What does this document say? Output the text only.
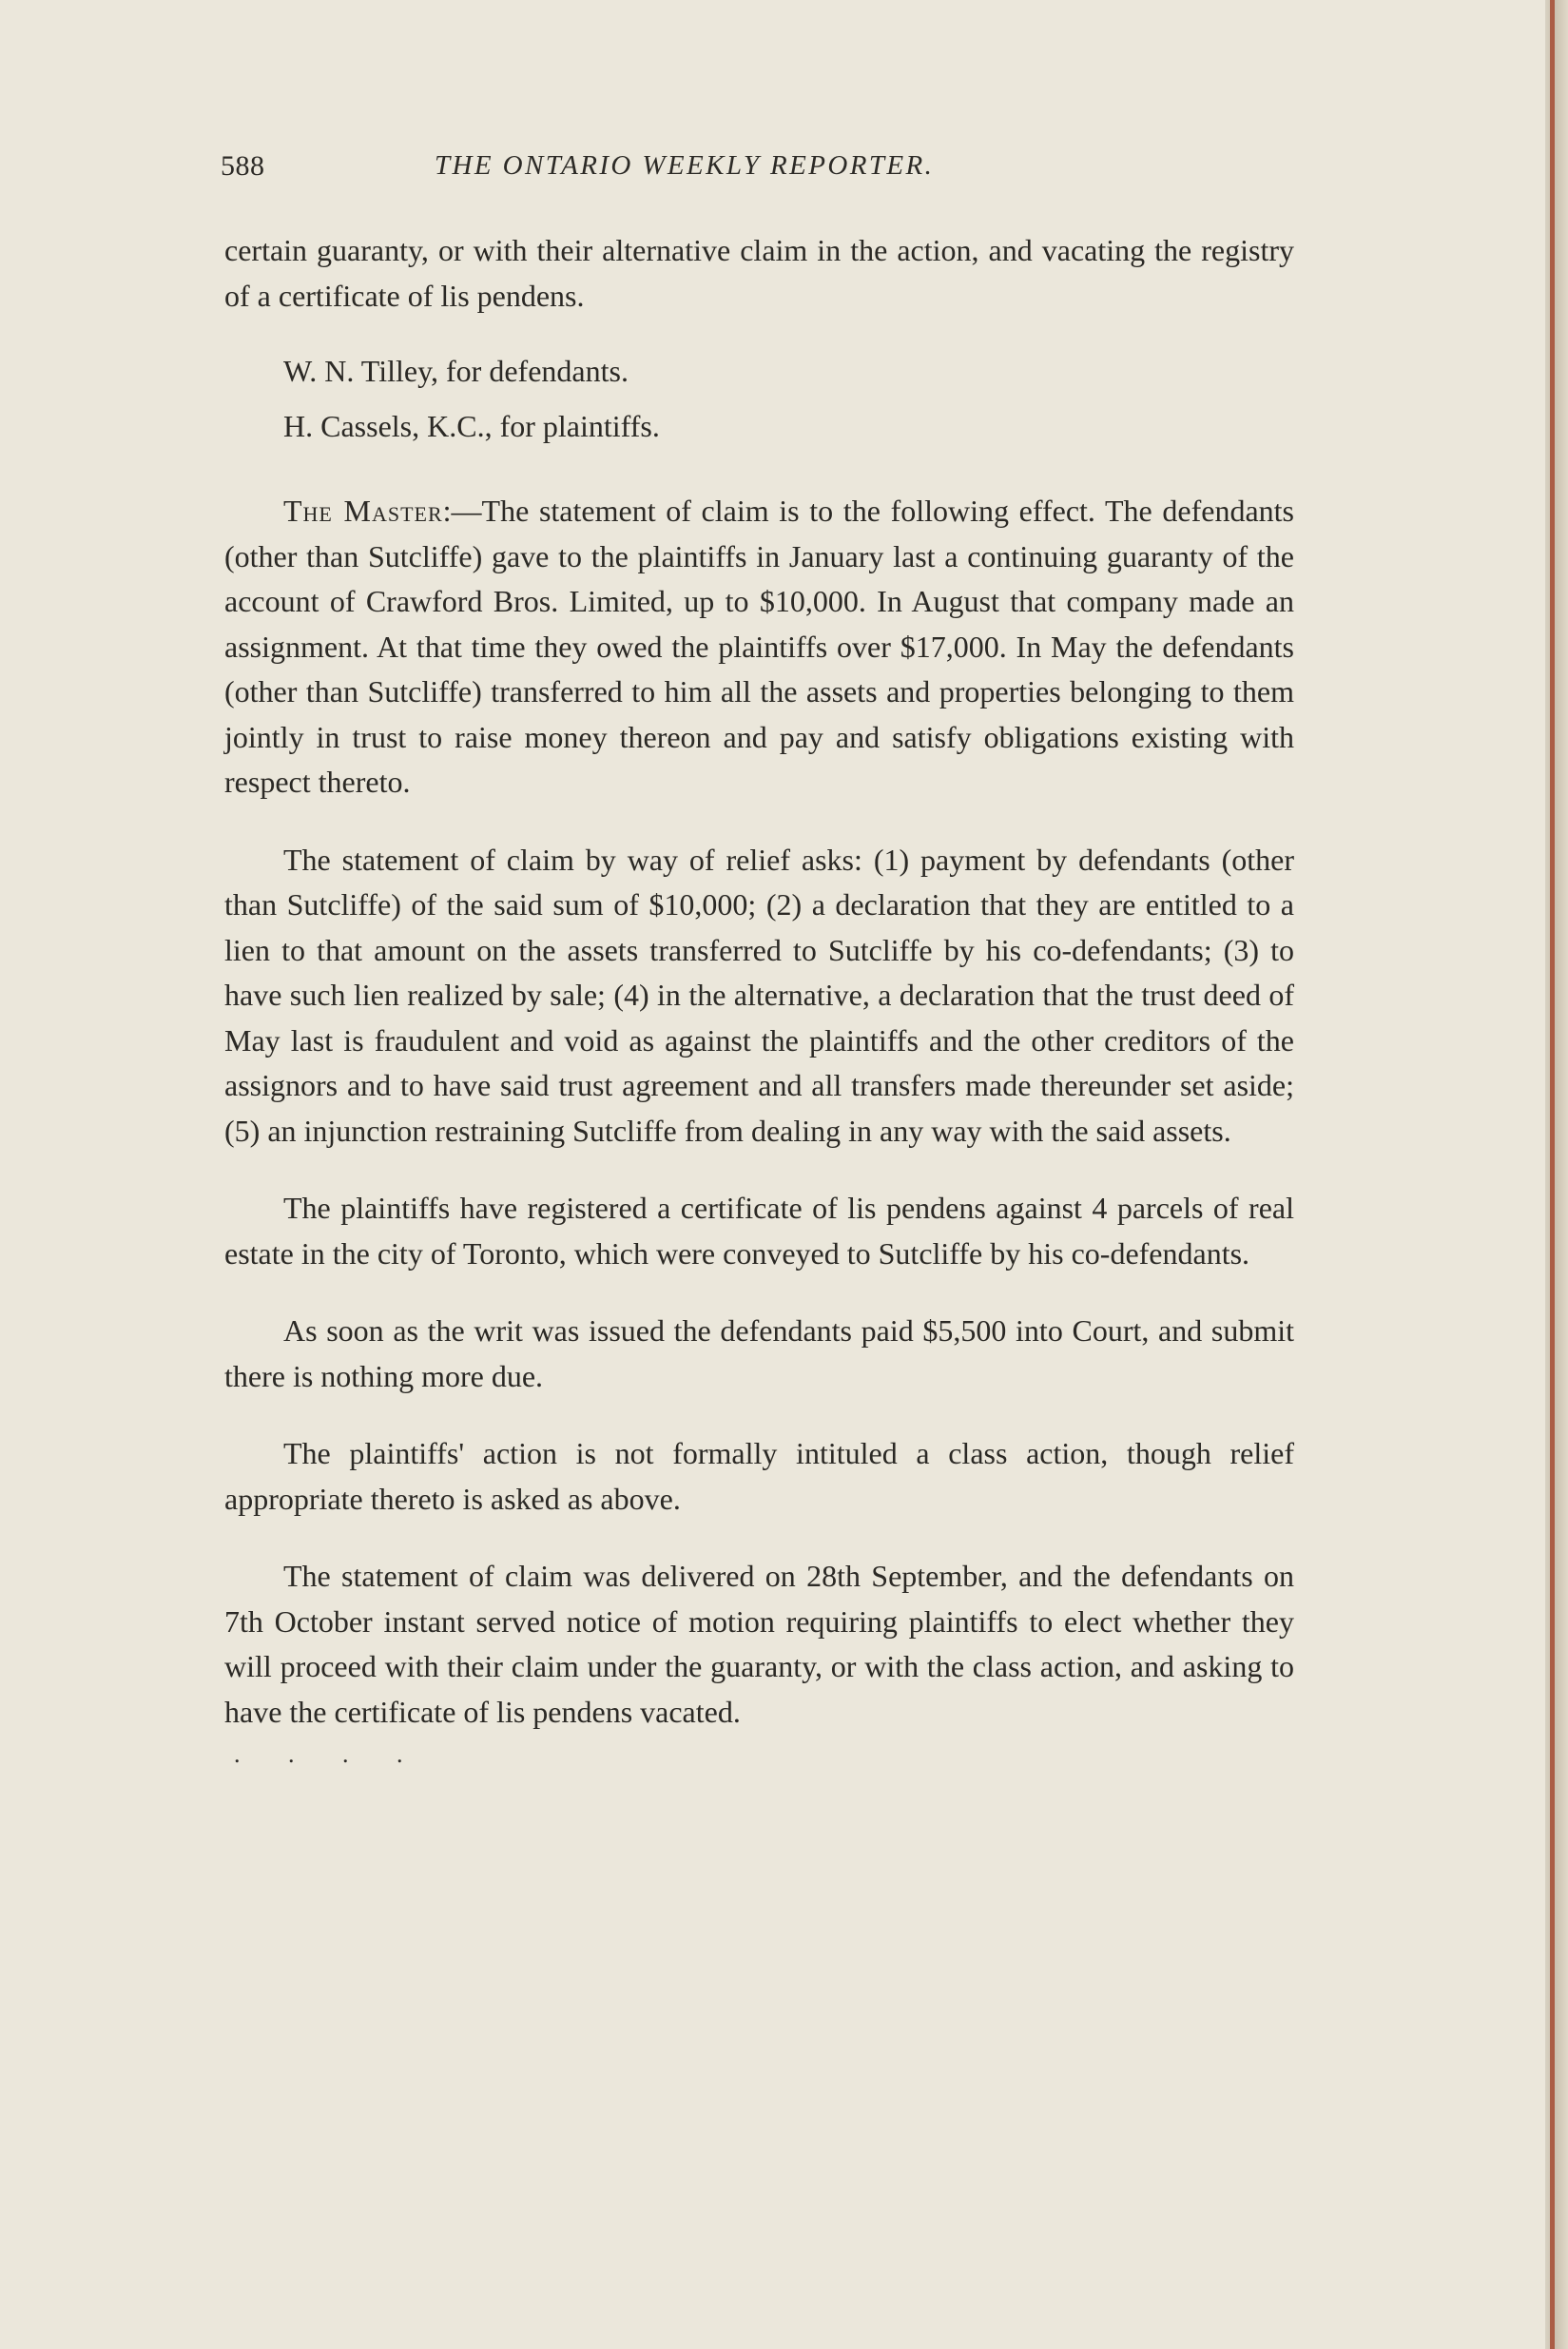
588	THE ONTARIO WEEKLY REPORTER.

certain guaranty, or with their alternative claim in the action, and vacating the registry of a certificate of lis pendens.

W. N. Tilley, for defendants.

H. Cassels, K.C., for plaintiffs.

The Master:—The statement of claim is to the following effect. The defendants (other than Sutcliffe) gave to the plaintiffs in January last a continuing guaranty of the account of Crawford Bros. Limited, up to $10,000. In August that company made an assignment. At that time they owed the plaintiffs over $17,000. In May the defendants (other than Sutcliffe) transferred to him all the assets and properties belonging to them jointly in trust to raise money thereon and pay and satisfy obligations existing with respect thereto.

The statement of claim by way of relief asks: (1) payment by defendants (other than Sutcliffe) of the said sum of $10,000; (2) a declaration that they are entitled to a lien to that amount on the assets transferred to Sutcliffe by his co-defendants; (3) to have such lien realized by sale; (4) in the alternative, a declaration that the trust deed of May last is fraudulent and void as against the plaintiffs and the other creditors of the assignors and to have said trust agreement and all transfers made thereunder set aside; (5) an injunction restraining Sutcliffe from dealing in any way with the said assets.

The plaintiffs have registered a certificate of lis pendens against 4 parcels of real estate in the city of Toronto, which were conveyed to Sutcliffe by his co-defendants.

As soon as the writ was issued the defendants paid $5,500 into Court, and submit there is nothing more due.

The plaintiffs' action is not formally intituled a class action, though relief appropriate thereto is asked as above.

The statement of claim was delivered on 28th September, and the defendants on 7th October instant served notice of motion requiring plaintiffs to elect whether they will proceed with their claim under the guaranty, or with the class action, and asking to have the certificate of lis pendens vacated.

. . . .
